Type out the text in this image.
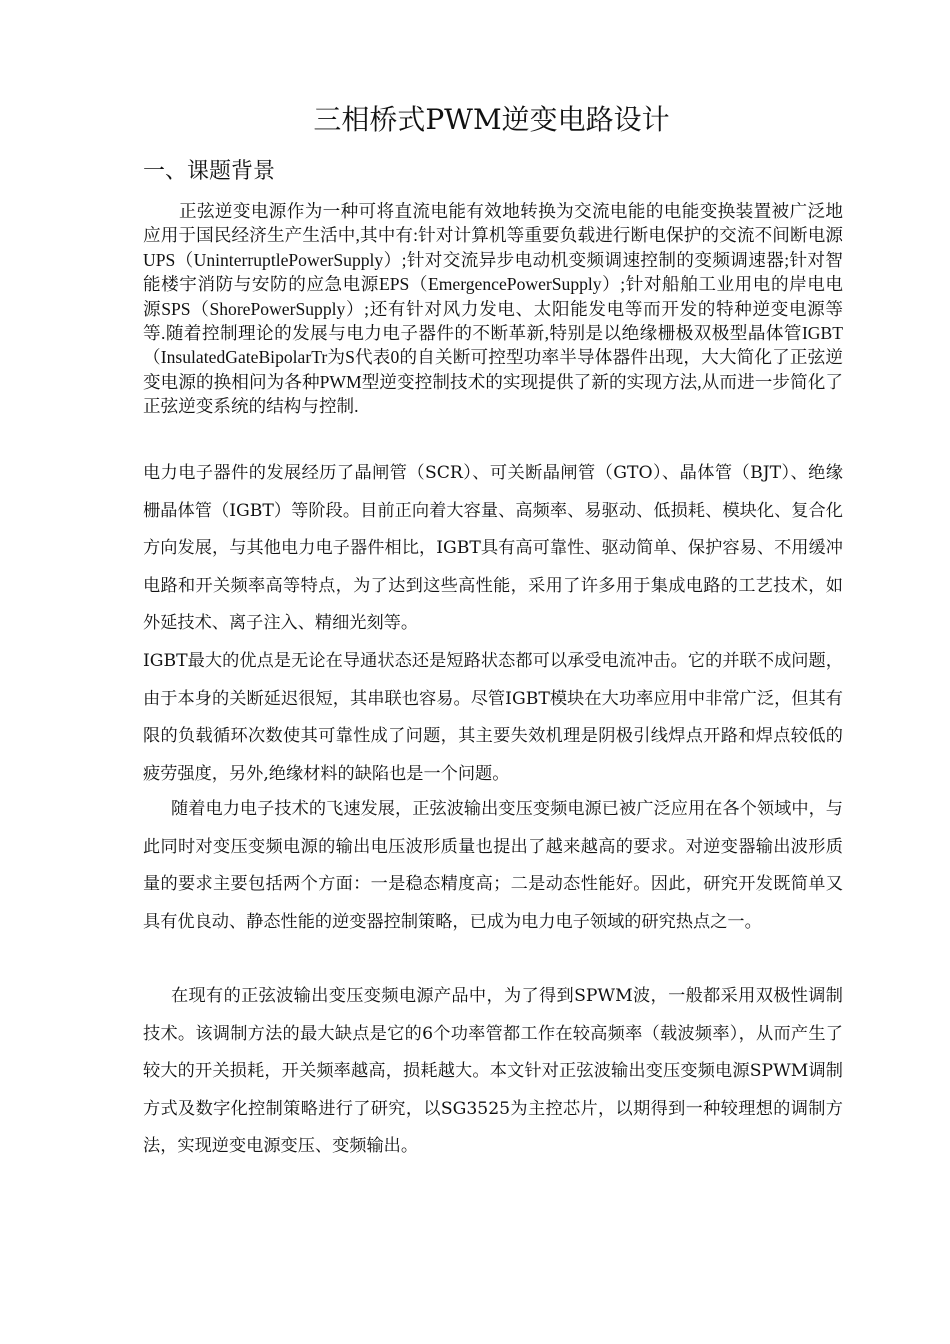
三相桥式PWM逆变电路设计
一、课题背景

正弦逆变电源作为一种可将直流电能有效地转换为交流电能的电能变换装置被广泛地应用于国民经济生产生活中,其中有:针对计算机等重要负载进行断电保护的交流不间断电源UPS（UninterruptlePowerSupply）;针对交流异步电动机变频调速控制的变频调速器;针对智能楼宇消防与安防的应急电源EPS（EmergencePowerSupply）;针对船舶工业用电的岸电电源SPS（ShorePowerSupply）;还有针对风力发电、太阳能发电等而开发的特种逆变电源等等.随着控制理论的发展与电力电子器件的不断革新,特别是以绝缘栅极双极型晶体管IGBT（InsulatedGateBipolarTr为S代表0的自关断可控型功率半导体器件出现，大大简化了正弦逆变电源的换相问为各种PWM型逆变控制技术的实现提供了新的实现方法,从而进一步简化了正弦逆变系统的结构与控制.

电力电子器件的发展经历了晶闸管（SCR）、可关断晶闸管（GTO）、晶体管（BJT）、绝缘栅晶体管（IGBT）等阶段。目前正向着大容量、高频率、易驱动、低损耗、模块化、复合化方向发展，与其他电力电子器件相比，IGBT具有高可靠性、驱动简单、保护容易、不用缓冲电路和开关频率高等特点，为了达到这些高性能，采用了许多用于集成电路的工艺技术，如外延技术、离子注入、精细光刻等。

IGBT最大的优点是无论在导通状态还是短路状态都可以承受电流冲击。它的并联不成问题，由于本身的关断延迟很短，其串联也容易。尽管IGBT模块在大功率应用中非常广泛，但其有限的负载循环次数使其可靠性成了问题，其主要失效机理是阴极引线焊点开路和焊点较低的疲劳强度，另外,绝缘材料的缺陷也是一个问题。

随着电力电子技术的飞速发展，正弦波输出变压变频电源已被广泛应用在各个领域中，与此同时对变压变频电源的输出电压波形质量也提出了越来越高的要求。对逆变器输出波形质量的要求主要包括两个方面：一是稳态精度高；二是动态性能好。因此，研究开发既简单又具有优良动、静态性能的逆变器控制策略，已成为电力电子领域的研究热点之一。

在现有的正弦波输出变压变频电源产品中，为了得到SPWM波，一般都采用双极性调制技术。该调制方法的最大缺点是它的6个功率管都工作在较高频率（载波频率），从而产生了较大的开关损耗，开关频率越高，损耗越大。本文针对正弦波输出变压变频电源SPWM调制方式及数字化控制策略进行了研究，以SG3525为主控芯片，以期得到一种较理想的调制方法，实现逆变电源变压、变频输出。
